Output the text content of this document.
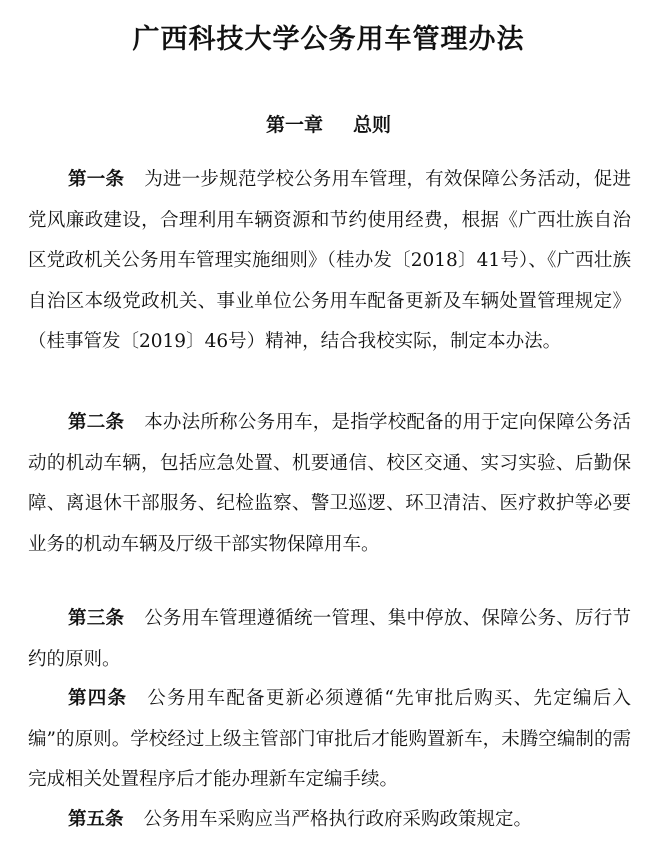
广西科技大学公务用车管理办法
第一章 总则

第一条 为进一步规范学校公务用车管理，有效保障公务活动，促进党风廉政建设，合理利用车辆资源和节约使用经费，根据《广西壮族自治区党政机关公务用车管理实施细则》（桂办发〔2018〕41号）、《广西壮族自治区本级党政机关、事业单位公务用车配备更新及车辆处置管理规定》（桂事管发〔2019〕46号）精神，结合我校实际，制定本办法。

第二条 本办法所称公务用车，是指学校配备的用于定向保障公务活动的机动车辆，包括应急处置、机要通信、校区交通、实习实验、后勤保障、离退休干部服务、纪检监察、警卫巡逻、环卫清洁、医疗救护等必要业务的机动车辆及厅级干部实物保障用车。

第三条 公务用车管理遵循统一管理、集中停放、保障公务、厉行节约的原则。

第四条 公务用车配备更新必须遵循“先审批后购买、先定编后入编”的原则。学校经过上级主管部门审批后才能购置新车，未腾空编制的需完成相关处置程序后才能办理新车定编手续。

第五条 公务用车采购应当严格执行政府采购政策规定。
